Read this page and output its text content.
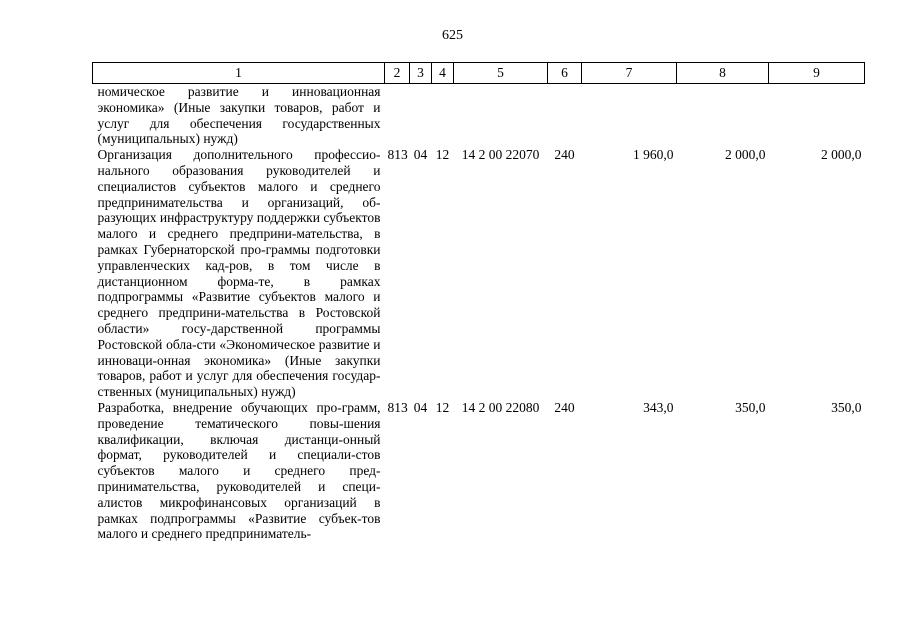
625
1	2	3	4	5	6	7	8	9
номическое развитие и инновационная экономика» (Иные закупки товаров, работ и услуг для обеспечения государственных (муниципальных) нужд)								
Организация дополнительного профессио-нального образования руководителей и специалистов субъектов малого и среднего предпринимательства и организаций, об-разующих инфраструктуру поддержки субъектов малого и среднего предприни-мательства, в рамках Губернаторской про-граммы подготовки управленческих кад-ров, в том числе в дистанционном форма-те, в рамках подпрограммы «Развитие субъектов малого и среднего предприни-мательства в Ростовской области» госу-дарственной программы Ростовской обла-сти «Экономическое развитие и инноваци-онная экономика» (Иные закупки товаров, работ и услуг для обеспечения государ-ственных (муниципальных) нужд)	813	04	12	14 2 00 22070	240	1 960,0	2 000,0	2 000,0
Разработка, внедрение обучающих про-грамм, проведение тематического повы-шения квалификации, включая дистанци-онный формат, руководителей и специали-стов субъектов малого и среднего пред-принимательства, руководителей и специ-алистов микрофинансовых организаций в рамках подпрограммы «Развитие субъек-тов малого и среднего предприниматель-	813	04	12	14 2 00 22080	240	343,0	350,0	350,0
